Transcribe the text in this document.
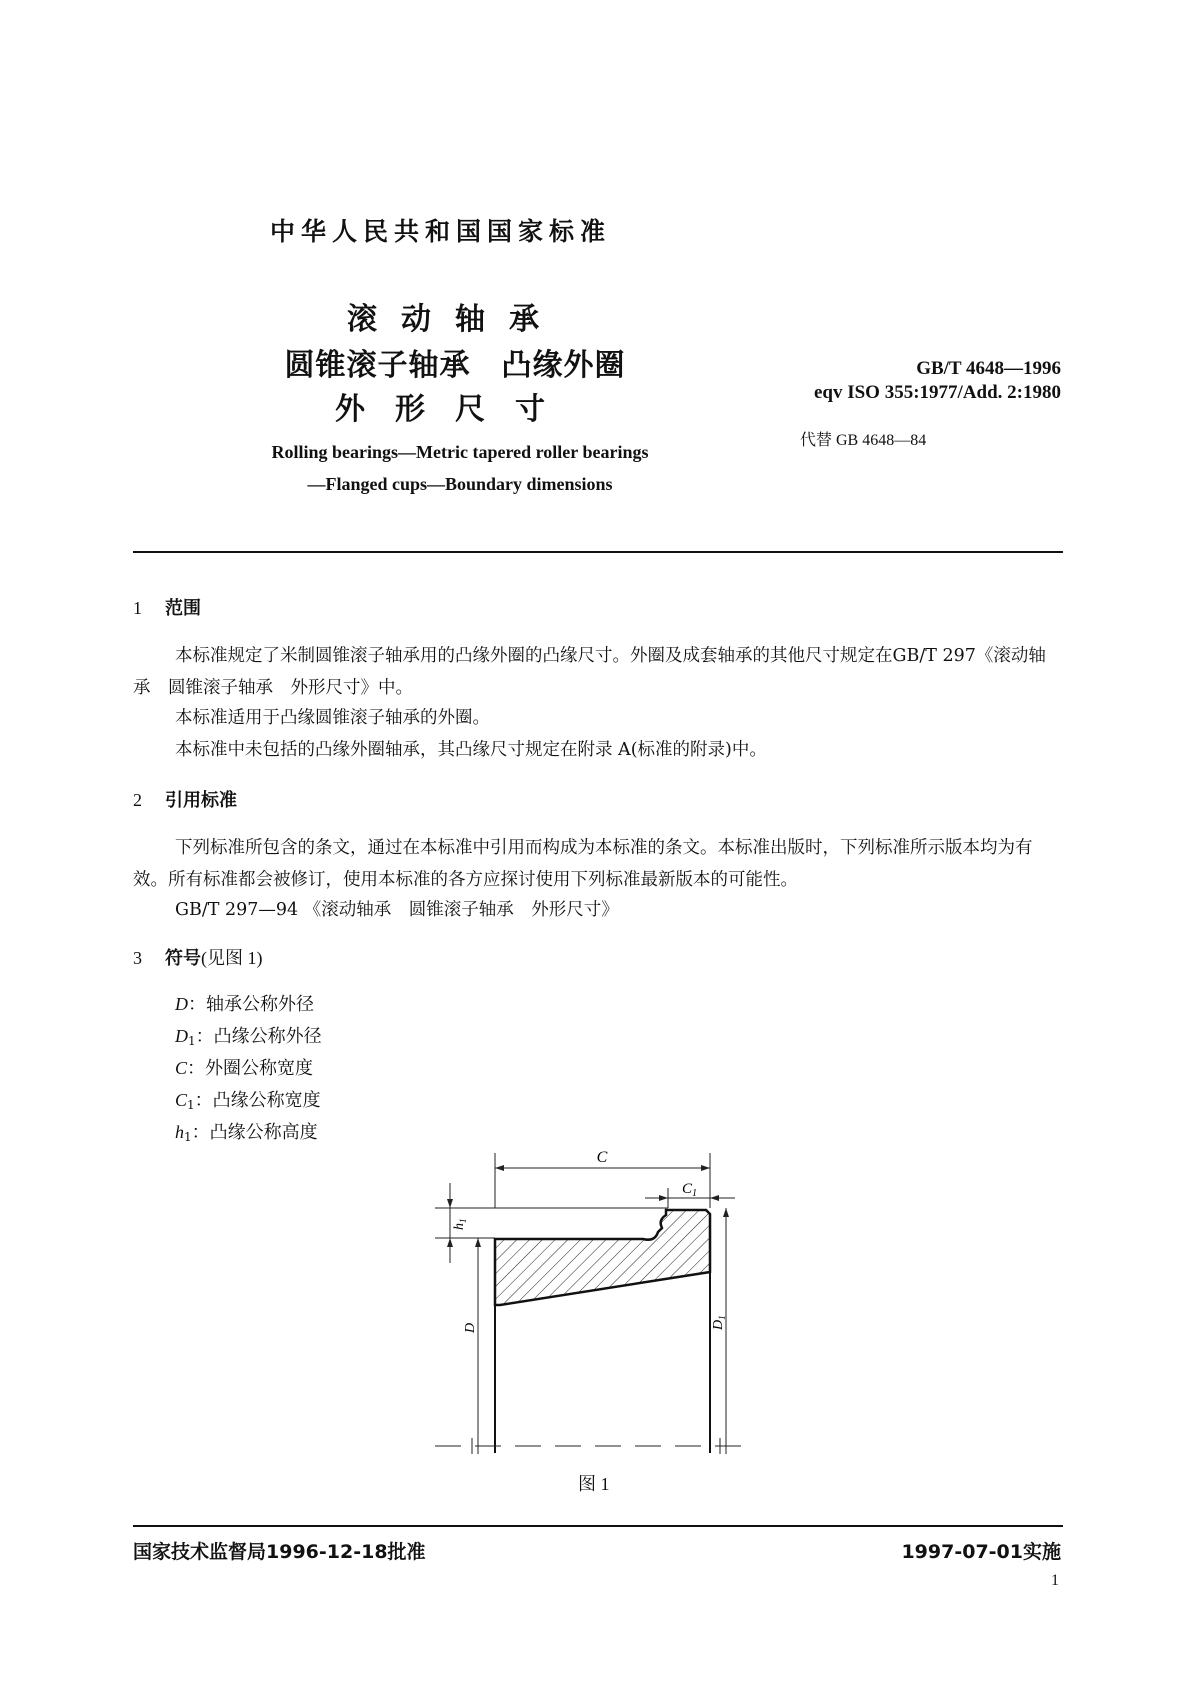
中华人民共和国国家标准
滚动轴承
圆锥滚子轴承　凸缘外圈
外形尺寸
GB/T 4648—1996
eqv ISO 355:1977/Add. 2:1980
代替 GB 4648—84
Rolling bearings—Metric tapered roller bearings
—Flanged cups—Boundary dimensions
1 范围
本标准规定了米制圆锥滚子轴承用的凸缘外圈的凸缘尺寸。外圈及成套轴承的其他尺寸规定在GB/T 297《滚动轴承　圆锥滚子轴承　外形尺寸》中。
本标准适用于凸缘圆锥滚子轴承的外圈。
本标准中未包括的凸缘外圈轴承，其凸缘尺寸规定在附录 A(标准的附录)中。
2 引用标准
下列标准所包含的条文，通过在本标准中引用而构成为本标准的条文。本标准出版时，下列标准所示版本均为有效。所有标准都会被修订，使用本标准的各方应探讨使用下列标准最新版本的可能性。
GB/T 297—94 《滚动轴承　圆锥滚子轴承　外形尺寸》
3 符号(见图 1)
D：轴承公称外径
$D_1$：凸缘公称外径
C：外圈公称宽度
$C_1$：凸缘公称宽度
$h_1$：凸缘公称高度
C
$C_1$
$h_1$
D	$D_1$
图 1
国家技术监督局1996-12-18批准	1997-07-01实施
1
